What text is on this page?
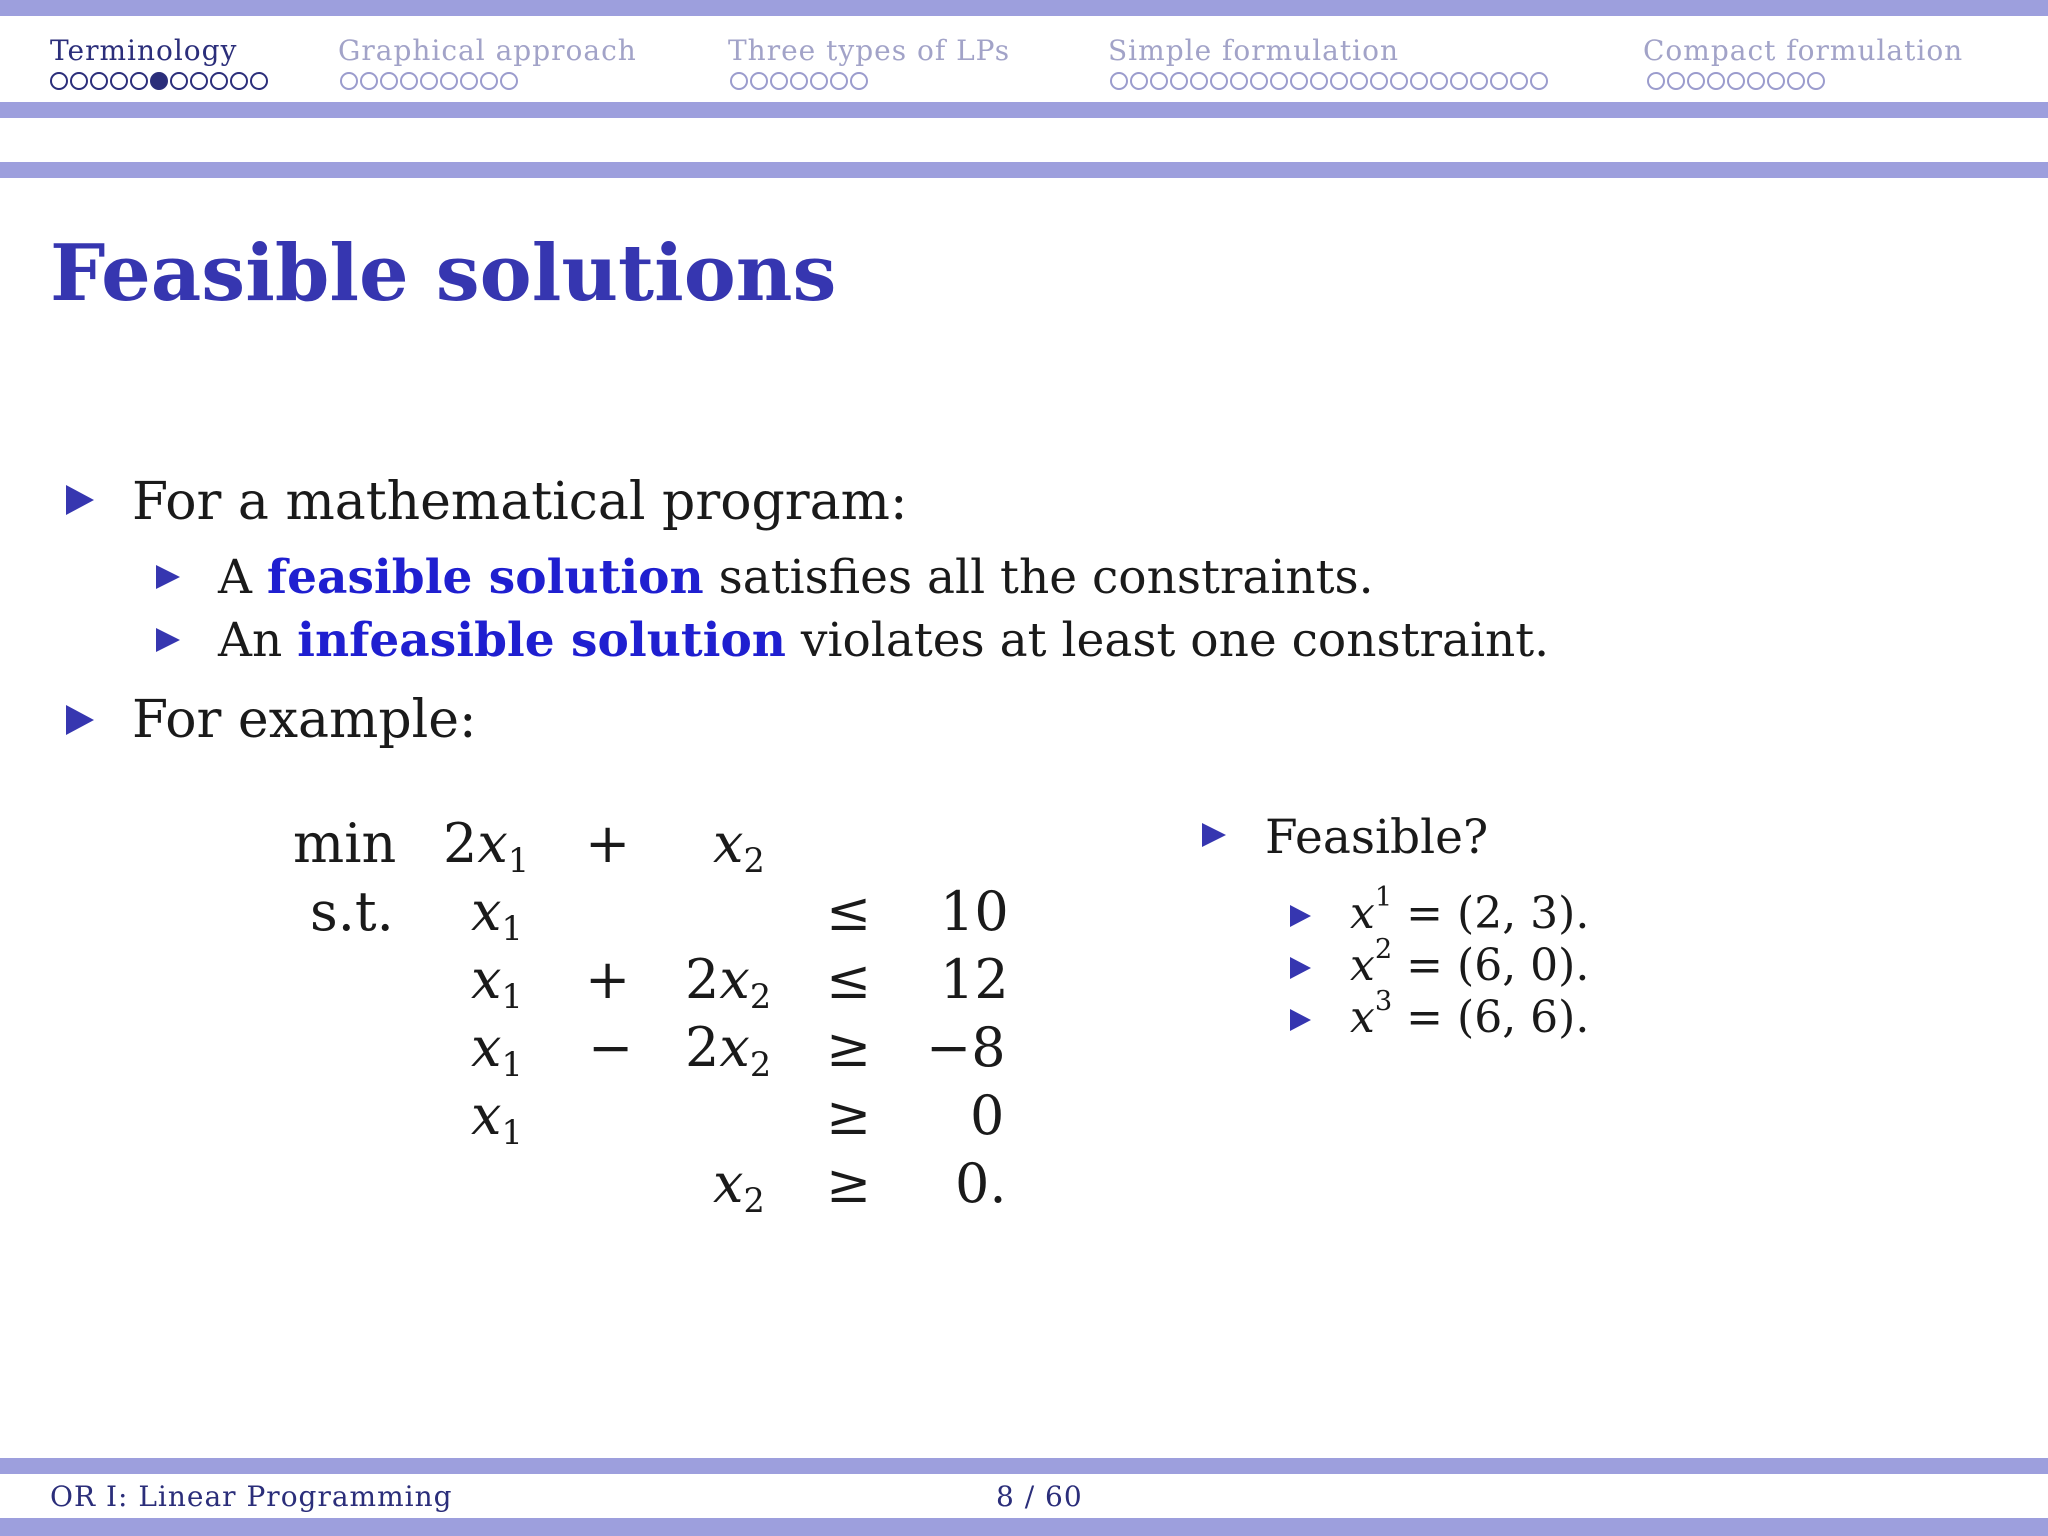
Terminology	Graphical approach	Three types of LPs	Simple formulation	Compact formulation
Feasible solutions
For a mathematical program:
A feasible solution satisfies all the constraints.
An infeasible solution violates at least one constraint.
For example:
$\min 2x_1 + x_2$
s.t. $x_1$	≤ 10
$x_1 + 2x_2 \le 12$
$x_1 - 2x_2 \ge -8$
$x_1$	≥ 0
$x_2 \ge 0$.
Feasible?
$x^1 = (2$, 3).
$x^2 = (6$, 0).
$x^3 = (6$, 6).
OR I: Linear Programming	8 / 60
